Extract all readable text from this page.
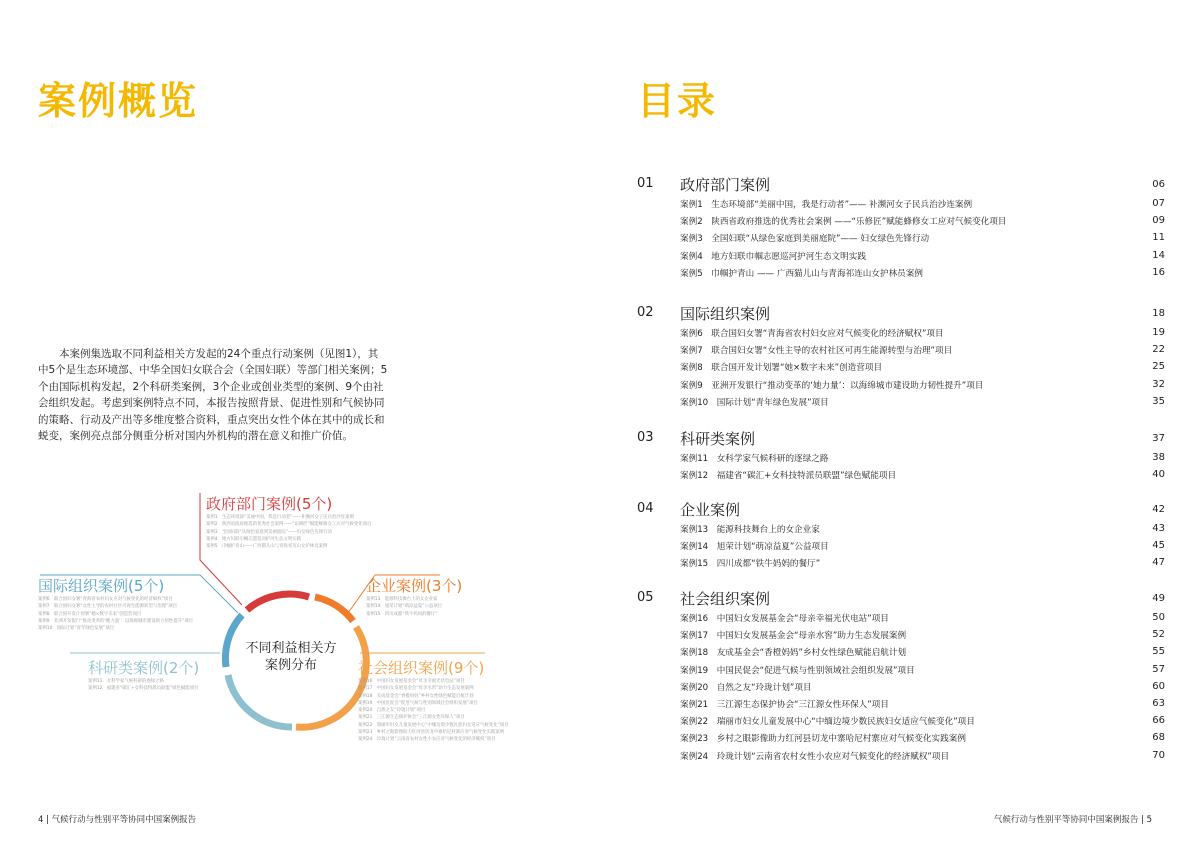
案例概览	目录

本案例集选取不同利益相关方发起的24个重点行动案例（见图1），其中5个是生态环境部、中华全国妇女联合会（全国妇联）等部门相关案例；5个由国际机构发起，2个科研类案例，3个企业或创业类型的案例、9个由社会组织发起。考虑到案例特点不同，本报告按照背景、促进性别和气候协同的策略、行动及产出等多维度整合资料，重点突出女性个体在其中的成长和蜕变，案例亮点部分侧重分析对国内外机构的潜在意义和推广价值。

不同利益相关方
案例分布
政府部门案例(5个)
案例1　生态环境部“美丽中国，我是行动者”——补濒河女子民兵治沙连案例
案例2　陕西省政府推选的优秀社会案例——“乐修匠”赋能蜂修女工应对气候变化项目
案例3　全国妇联“从绿色家庭到美丽庭院”——妇女绿色先锋行动
案例4　地方妇联巾帼志愿巡河护河生态文明实践
案例5　巾帼护青山——广西猫儿山与青海祁连山女护林员案例
国际组织案例(5个)
案例6　联合国妇女署“青海省农村妇女应对气候变化的经济赋权”项目
案例7　联合国妇女署“女性主导的农村社区可再生能源转型与治理”项目
案例8　联合国开发计划署“她×数字未来”创造营项目
案例9　亚洲开发银行“推动变革的‘她力量’：以海绵城市建设助力韧性提升”项目
案例10　国际计划“青年绿色发展”项目
企业案例(3个)
案例13　能源科技舞台上的女企业家
案例14　旭荣计划“萌凉益夏”公益项目
案例15　四川成都“铁牛妈妈的餐厅”
科研类案例(2个)
案例11　女科学家气候科研的逐绿之路
案例12　福建省“碳汇+女科技特派员联盟”绿色赋能项目
社会组织案例(9个)
案例16　中国妇女发展基金会“母亲幸福光伏电站”项目
案例17　中国妇女发展基金会“母亲水窖”助力生态发展案例
案例18　友成基金会“香橙妈妈”乡村女性绿色赋能启航计划
案例19　中国民促会“促进气候与性别领域社会组织发展”项目
案例20　自然之友“玲珑计划”项目
案例21　三江源生态保护协会“三江源女性环保人”项目
案例22　瑞丽市妇女儿童发展中心“中缅边境少数民族妇女适应气候变化”项目
案例23　乡村之眼影像助力红河县切龙中寨哈尼村寨应对气候变化实践案例
案例24　玲珑计划“云南省农村女性小农应对气候变化的经济赋权”项目
01 政府部门案例	06
案例1　生态环境部“美丽中国，我是行动者”—— 补濒河女子民兵治沙连案例	07
案例2　陕西省政府推选的优秀社会案例 ——“乐修匠”赋能蜂修女工应对气候变化项目	09
案例3　全国妇联“从绿色家庭到美丽庭院”—— 妇女绿色先锋行动	11
案例4　地方妇联巾帼志愿巡河护河生态文明实践	14
案例5　巾帼护青山 —— 广西猫儿山与青海祁连山女护林员案例	16
02 国际组织案例	18
案例6　联合国妇女署“青海省农村妇女应对气候变化的经济赋权”项目	19
案例7　联合国妇女署“女性主导的农村社区可再生能源转型与治理”项目	22
案例8　联合国开发计划署“她×数字未来”创造营项目	25
案例9　亚洲开发银行“推动变革的‘她力量’：以海绵城市建设助力韧性提升”项目	32
案例10　国际计划“青年绿色发展”项目	35
03 科研类案例	37
案例11　女科学家气候科研的逐绿之路	38
案例12　福建省“碳汇+女科技特派员联盟”绿色赋能项目	40
04 企业案例	42
案例13　能源科技舞台上的女企业家	43
案例14　旭荣计划“萌凉益夏”公益项目	45
案例15　四川成都“铁牛妈妈的餐厅”	47
05 社会组织案例	49
案例16　中国妇女发展基金会“母亲幸福光伏电站”项目	50
案例17　中国妇女发展基金会“母亲水窖”助力生态发展案例	52
案例18　友成基金会“香橙妈妈”乡村女性绿色赋能启航计划	55
案例19　中国民促会“促进气候与性别领域社会组织发展”项目	57
案例20　自然之友“玲珑计划”项目	60
案例21　三江源生态保护协会“三江源女性环保人”项目	63
案例22　瑞丽市妇女儿童发展中心“中缅边境少数民族妇女适应气候变化”项目	66
案例23　乡村之眼影像助力红河县切龙中寨哈尼村寨应对气候变化实践案例	68
案例24　玲珑计划“云南省农村女性小农应对气候变化的经济赋权”项目	70
4 | 气候行动与性别平等协同中国案例报告	气候行动与性别平等协同中国案例报告 | 5
